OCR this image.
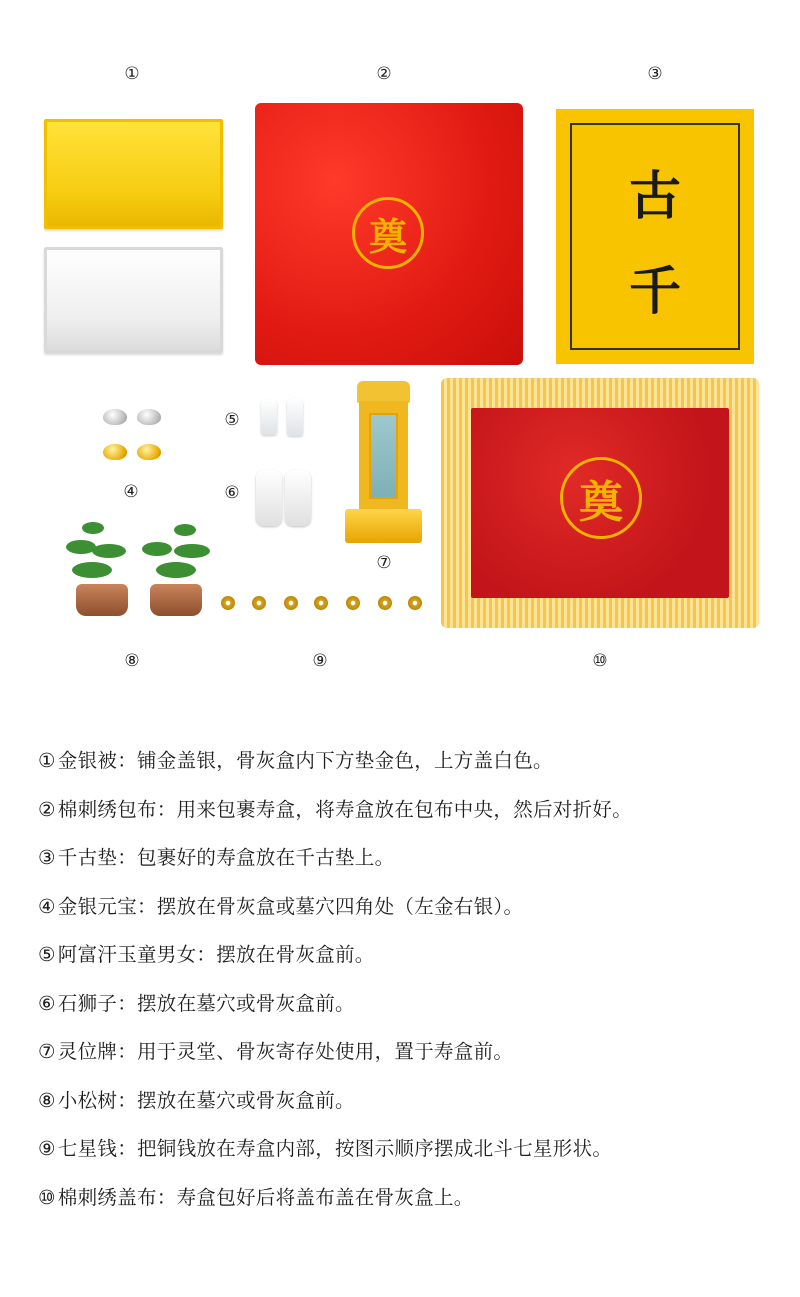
①	②	③
④
⑤
⑥
⑦
⑧	⑨	⑩
奠
古
千
奠
① 金银被：铺金盖银，骨灰盒内下方垫金色，上方盖白色。
② 棉刺绣包布：用来包裹寿盒，将寿盒放在包布中央，然后对折好。
③ 千古垫：包裹好的寿盒放在千古垫上。
④ 金银元宝：摆放在骨灰盒或墓穴四角处（左金右银）。
⑤ 阿富汗玉童男女：摆放在骨灰盒前。
⑥ 石狮子：摆放在墓穴或骨灰盒前。
⑦ 灵位牌：用于灵堂、骨灰寄存处使用，置于寿盒前。
⑧ 小松树：摆放在墓穴或骨灰盒前。
⑨ 七星钱：把铜钱放在寿盒内部，按图示顺序摆成北斗七星形状。
⑩ 棉刺绣盖布：寿盒包好后将盖布盖在骨灰盒上。
